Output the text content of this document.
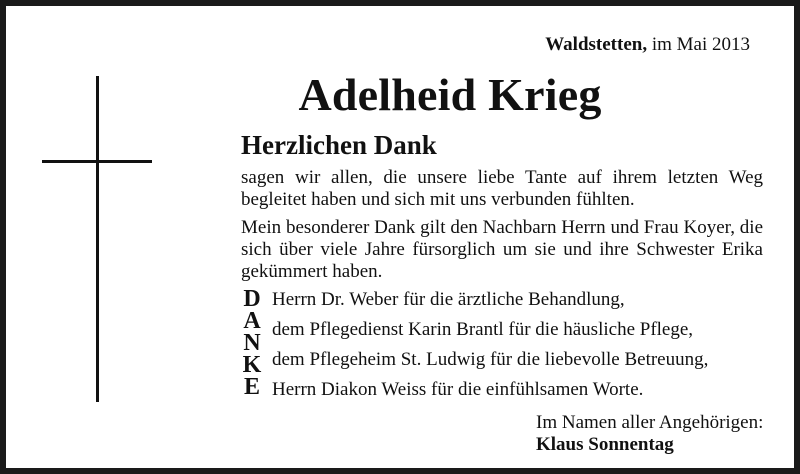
Waldstetten, im Mai 2013
Adelheid Krieg
Herzlichen Dank
sagen wir allen, die unsere liebe Tante auf ihrem letzten Weg begleitet haben und sich mit uns verbunden fühlten.
Mein besonderer Dank gilt den Nachbarn Herrn und Frau Koyer, die sich über viele Jahre fürsorglich um sie und ihre Schwester Erika gekümmert haben.
D
A
N
K
E
Herrn Dr. Weber für die ärztliche Behandlung,
dem Pflegedienst Karin Brantl für die häusliche Pflege,
dem Pflegeheim St. Ludwig für die liebevolle Betreuung,
Herrn Diakon Weiss für die einfühlsamen Worte.
Im Namen aller Angehörigen:
Klaus Sonnentag
